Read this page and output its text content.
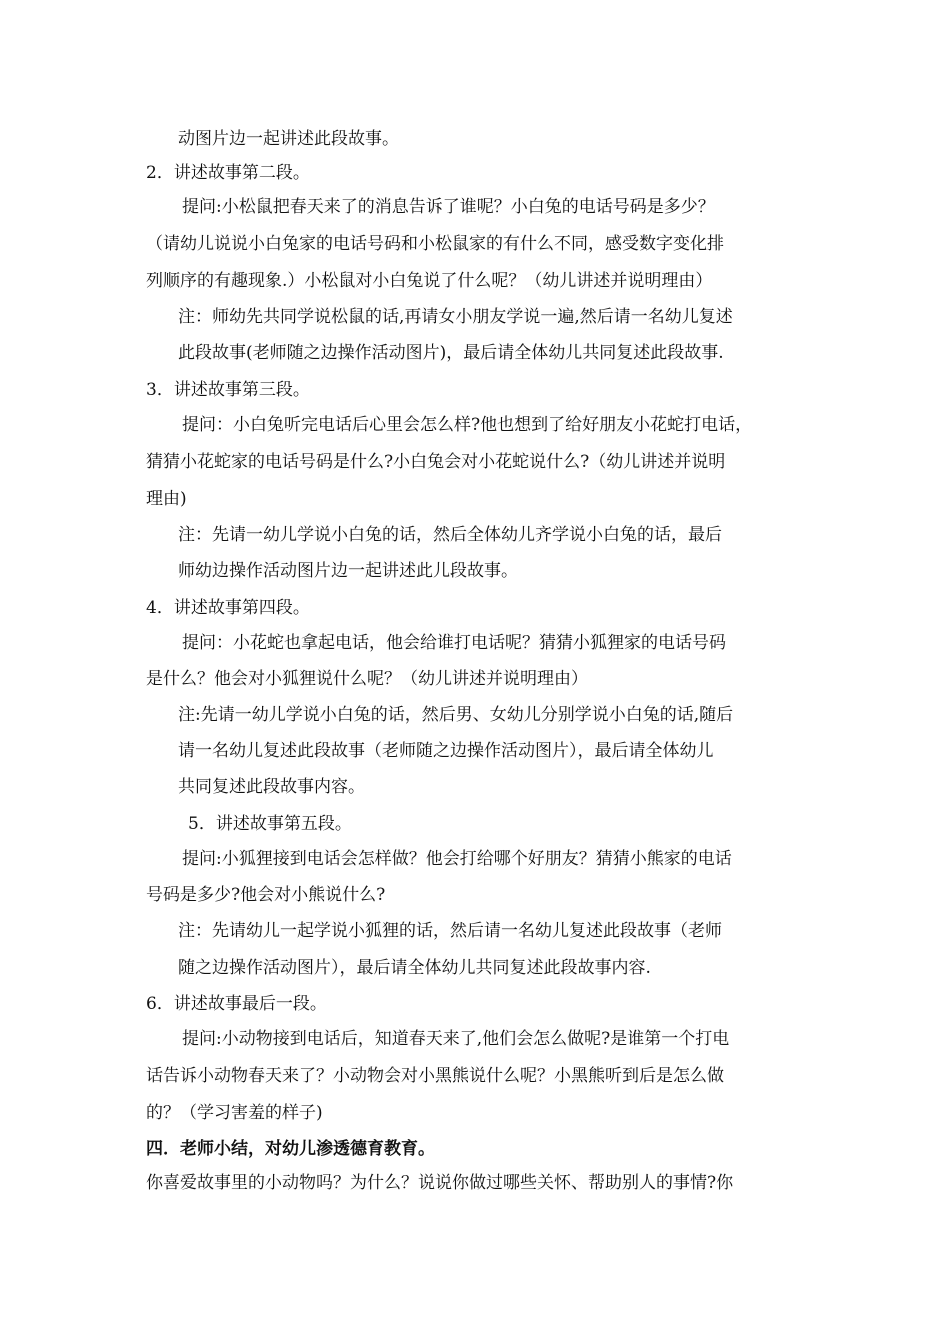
动图片边一起讲述此段故事。
2．讲述故事第二段。
提问:小松鼠把春天来了的消息告诉了谁呢？小白兔的电话号码是多少？
（请幼儿说说小白兔家的电话号码和小松鼠家的有什么不同，感受数字变化排
列顺序的有趣现象.）小松鼠对小白兔说了什么呢？（幼儿讲述并说明理由）
注：师幼先共同学说松鼠的话,再请女小朋友学说一遍,然后请一名幼儿复述
此段故事(老师随之边操作活动图片)，最后请全体幼儿共同复述此段故事.
3．讲述故事第三段。
提问：小白兔听完电话后心里会怎么样?他也想到了给好朋友小花蛇打电话，
猜猜小花蛇家的电话号码是什么?小白兔会对小花蛇说什么?（幼儿讲述并说明
理由)
注：先请一幼儿学说小白兔的话，然后全体幼儿齐学说小白兔的话，最后
师幼边操作活动图片边一起讲述此儿段故事。
4．讲述故事第四段。
提问：小花蛇也拿起电话，他会给谁打电话呢？猜猜小狐狸家的电话号码
是什么？他会对小狐狸说什么呢？（幼儿讲述并说明理由）
注:先请一幼儿学说小白兔的话，然后男、女幼儿分别学说小白兔的话,随后
请一名幼儿复述此段故事（老师随之边操作活动图片），最后请全体幼儿
共同复述此段故事内容。
5．讲述故事第五段。
提问:小狐狸接到电话会怎样做？他会打给哪个好朋友？猜猜小熊家的电话
号码是多少?他会对小熊说什么?
注：先请幼儿一起学说小狐狸的话，然后请一名幼儿复述此段故事（老师
随之边操作活动图片），最后请全体幼儿共同复述此段故事内容.
6．讲述故事最后一段。
提问:小动物接到电话后，知道春天来了,他们会怎么做呢?是谁第一个打电
话告诉小动物春天来了？小动物会对小黑熊说什么呢？小黑熊听到后是怎么做
的？（学习害羞的样子)
四．老师小结，对幼儿渗透德育教育。
你喜爱故事里的小动物吗？为什么？说说你做过哪些关怀、帮助别人的事情?你
